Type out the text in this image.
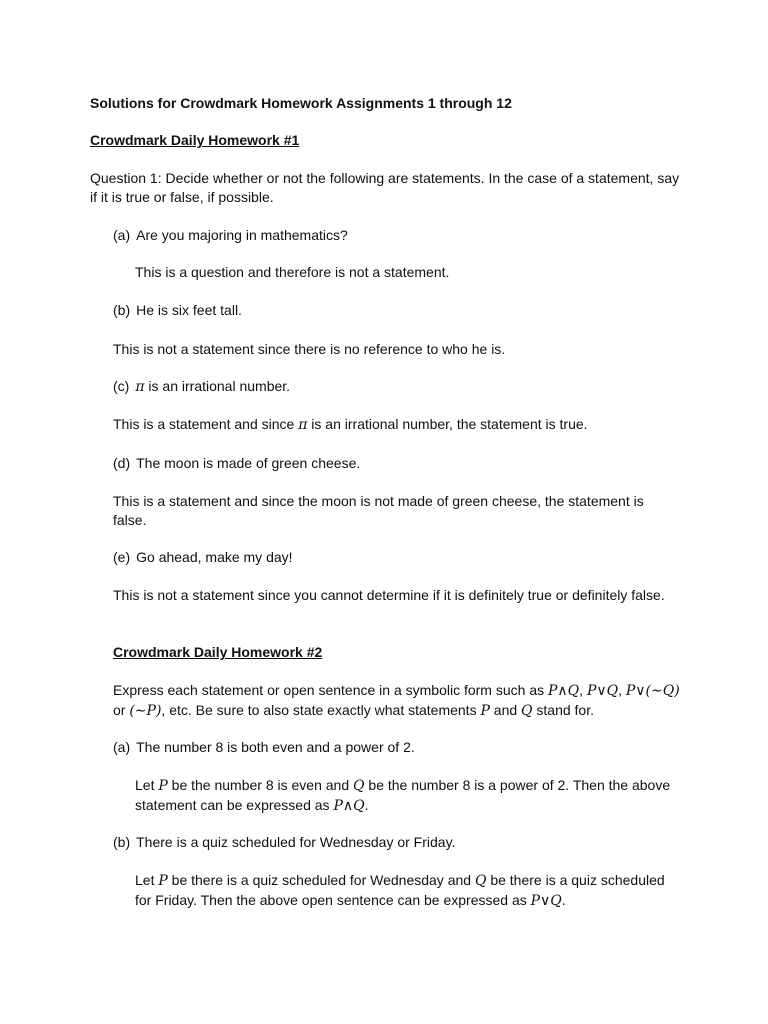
Solutions for Crowdmark Homework Assignments 1 through 12

Crowdmark Daily Homework #1

Question 1: Decide whether or not the following are statements. In the case of a statement, say if it is true or false, if possible.

(a) Are you majoring in mathematics?

This is a question and therefore is not a statement.

(b) He is six feet tall.

This is not a statement since there is no reference to who he is.

(c) π is an irrational number.

This is a statement and since π is an irrational number, the statement is true.

(d) The moon is made of green cheese.

This is a statement and since the moon is not made of green cheese, the statement is false.

(e) Go ahead, make my day!

This is not a statement since you cannot determine if it is definitely true or definitely false.

Crowdmark Daily Homework #2

Express each statement or open sentence in a symbolic form such as P∧Q, P∨Q, P∨(∼Q) or (∼P), etc. Be sure to also state exactly what statements P and Q stand for.

(a) The number 8 is both even and a power of 2.

Let P be the number 8 is even and Q be the number 8 is a power of 2. Then the above statement can be expressed as P∧Q.

(b) There is a quiz scheduled for Wednesday or Friday.

Let P be there is a quiz scheduled for Wednesday and Q be there is a quiz scheduled for Friday. Then the above open sentence can be expressed as P∨Q.
